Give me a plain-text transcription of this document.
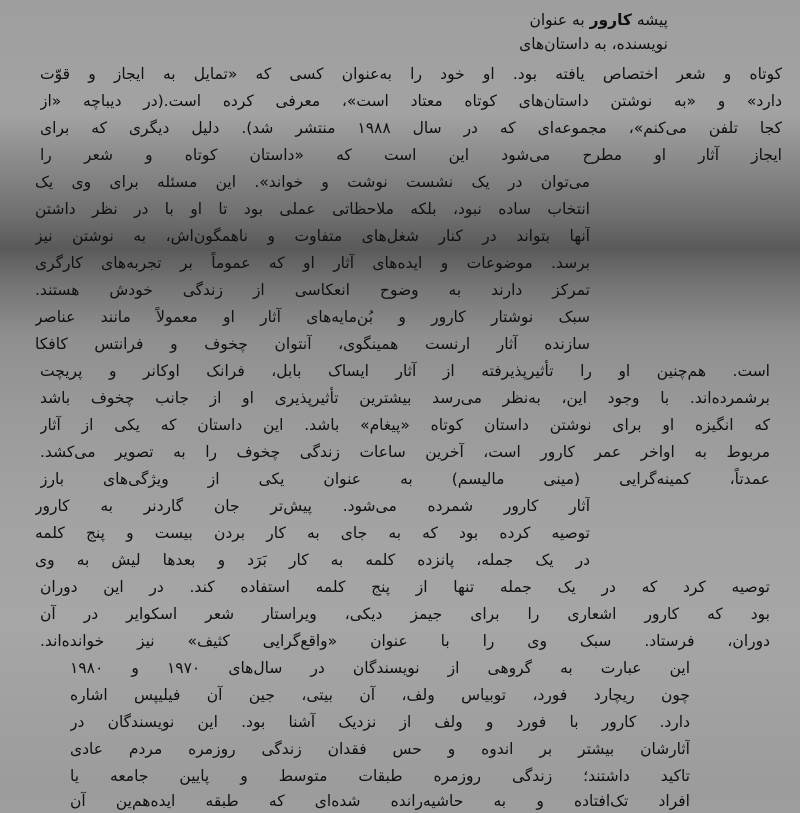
پیشه کارور به عنوان
نویسنده، به داستان‌های
کوتاه و شعر اختصاص یافته بود. او خود را به‌عنوان کسی که «تمایل به ایجاز و قوّت
دارد» و «به نوشتن داستان‌های کوتاه معتاد است»، معرفی کرده است.(در دیباچه «از
کجا تلفن می‌کنم»، مجموعه‌ای که در سال ۱۹۸۸ منتشر شد). دلیل دیگری که برای
ایجاز آثار او مطرح می‌شود این است که «داستان کوتاه و شعر را
می‌توان در یک نشست نوشت و خواند». این مسئله برای وی یک
انتخاب ساده نبود، بلکه ملاحظاتی عملی بود تا او با در نظر داشتن
آنها بتواند در کنار شغل‌های متفاوت و ناهمگون‌اش، به نوشتن نیز
برسد. موضوعات و ایده‌های آثار او که عموماً بر تجربه‌های کارگری
تمرکز دارند به وضوح انعکاسی از زندگی خودش هستند.
سبک نوشتار کارور و بُن‌مایه‌های آثار او معمولاً مانند عناصر
سازنده آثار ارنست همینگوی، آنتوان چخوف و فرانتس کافکا
است. هم‌چنین او را تأثیرپذیرفته از آثار ایساک بابل، فرانک اوکانر و پریچت
برشمرده‌اند. با وجود این، به‌نظر می‌رسد بیشترین تأثیرپذیری او از جانب چخوف باشد
که انگیزه او برای نوشتن داستان کوتاه «پیغام» باشد. این داستان که یکی از آثار
مربوط به اواخر عمر کارور است، آخرین ساعات زندگی چخوف را به تصویر می‌کشد.
عمدتاً، کمینه‌گرایی (مینی مالیسم) به عنوان یکی از ویژگی‌های بارز
آثار کارور شمرده می‌شود. پیش‌تر جان گاردنر به کارور
توصیه کرده بود که به جای به کار بردن بیست و پنج کلمه
در یک جمله، پانزده کلمه به کار بَرَد و بعدها لیش به وی
توصیه کرد که در یک جمله تنها از پنج کلمه استفاده کند. در این دوران
بود که کارور اشعاری را برای جیمز دیکی، ویراستار شعر اسکوایر در آن
دوران، فرستاد. سبک وی را با عنوان «واقع‌گرایی کثیف» نیز خوانده‌اند.
این عبارت به گروهی از نویسندگان در سال‌های ۱۹۷۰ و ۱۹۸۰
چون ریچارد فورد، توبیاس ولف، آن بیتی، جین آن فیلیپس اشاره
دارد. کارور با فورد و ولف از نزدیک آشنا بود. این نویسندگان در
آثارشان بیشتر بر اندوه و حس فقدان زندگی روزمره مردم عادی
تاکید داشتند؛ زندگی روزمره طبقات متوسط و پایین جامعه یا
افراد تک‌افتاده و به حاشیه‌رانده شده‌ای که طبقه ایده‌هم‌ین آن
